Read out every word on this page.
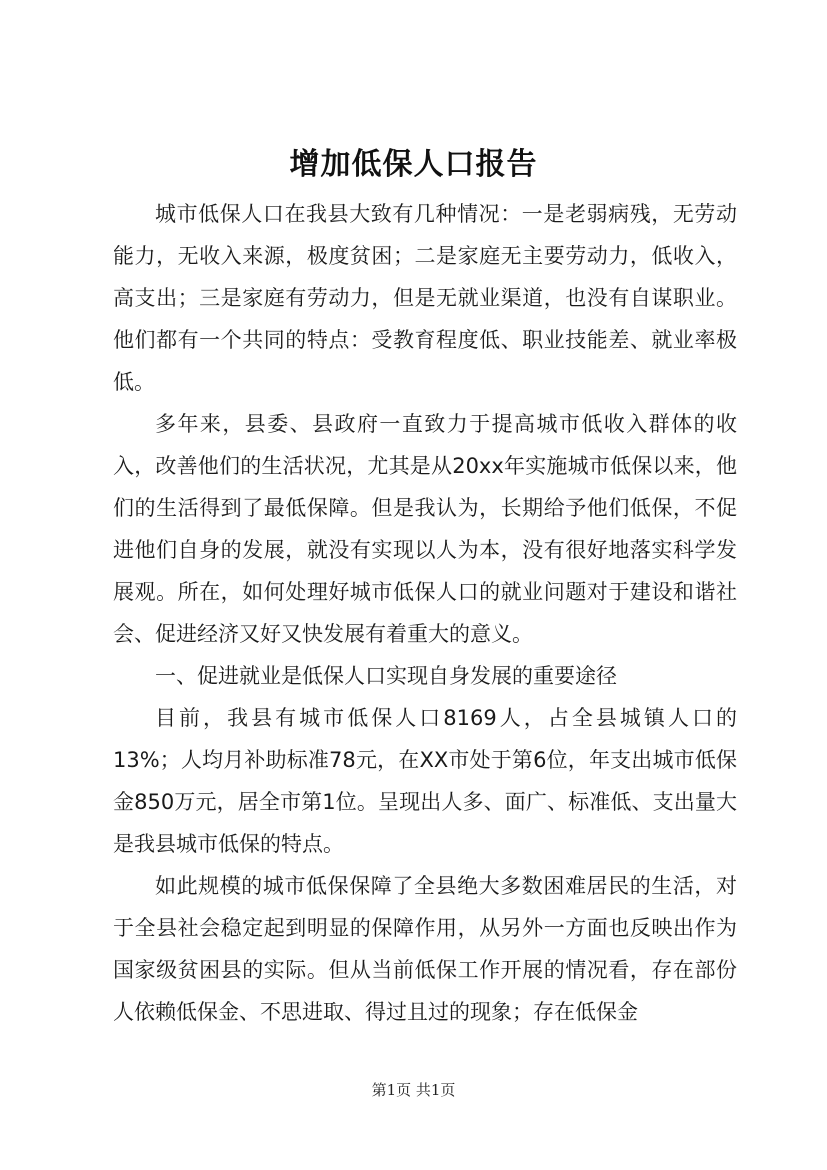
增加低保人口报告

城市低保人口在我县大致有几种情况：一是老弱病残，无劳动能力，无收入来源，极度贫困；二是家庭无主要劳动力，低收入，高支出；三是家庭有劳动力，但是无就业渠道，也没有自谋职业。他们都有一个共同的特点：受教育程度低、职业技能差、就业率极低。

多年来，县委、县政府一直致力于提高城市低收入群体的收入，改善他们的生活状况，尤其是从20xx年实施城市低保以来，他们的生活得到了最低保障。但是我认为，长期给予他们低保，不促进他们自身的发展，就没有实现以人为本，没有很好地落实科学发展观。所在，如何处理好城市低保人口的就业问题对于建设和谐社会、促进经济又好又快发展有着重大的意义。

一、促进就业是低保人口实现自身发展的重要途径

目前，我县有城市低保人口8169人，占全县城镇人口的13%；人均月补助标准78元，在XX市处于第6位，年支出城市低保金850万元，居全市第1位。呈现出人多、面广、标准低、支出量大是我县城市低保的特点。

如此规模的城市低保保障了全县绝大多数困难居民的生活，对于全县社会稳定起到明显的保障作用，从另外一方面也反映出作为国家级贫困县的实际。但从当前低保工作开展的情况看，存在部份人依赖低保金、不思进取、得过且过的现象；存在低保金

第1页 共1页
